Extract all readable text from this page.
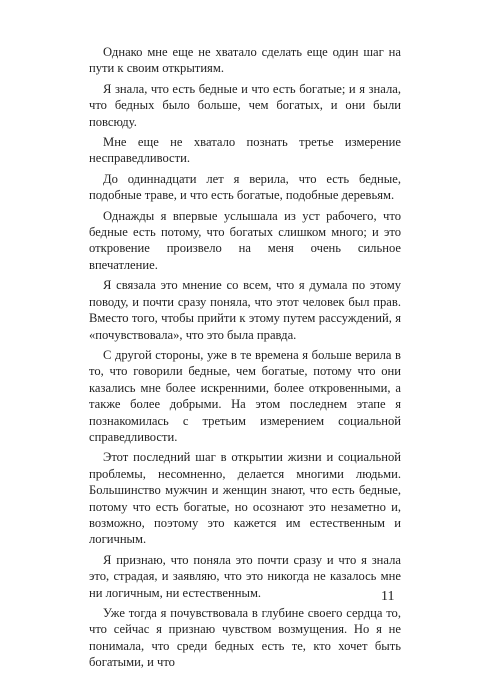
Однако мне еще не хватало сделать еще один шаг на пути к своим открытиям.

Я знала, что есть бедные и что есть богатые; и я знала, что бедных было больше, чем богатых, и они были повсюду.

Мне еще не хватало познать третье измерение несправедливости.

До одиннадцати лет я верила, что есть бедные, подобные траве, и что есть богатые, подобные деревьям.

Однажды я впервые услышала из уст рабочего, что бедные есть потому, что богатых слишком много; и это откровение произвело на меня очень сильное впечатление.

Я связала это мнение со всем, что я думала по этому поводу, и почти сразу поняла, что этот человек был прав. Вместо того, чтобы прийти к этому путем рассуждений, я «почувствовала», что это была правда.

С другой стороны, уже в те времена я больше верила в то, что говорили бедные, чем богатые, потому что они казались мне более искренними, более откровенными, а также более добрыми. На этом последнем этапе я познакомилась с третьим измерением социальной справедливости.

Этот последний шаг в открытии жизни и социальной проблемы, несомненно, делается многими людьми. Большинство мужчин и женщин знают, что есть бедные, потому что есть богатые, но осознают это незаметно и, возможно, поэтому это кажется им естественным и логичным.

Я признаю, что поняла это почти сразу и что я знала это, страдая, и заявляю, что это никогда не казалось мне ни логичным, ни естественным.

Уже тогда я почувствовала в глубине своего сердца то, что сейчас я признаю чувством возмущения. Но я не понимала, что среди бедных есть те, кто хочет быть богатыми, и что

11
